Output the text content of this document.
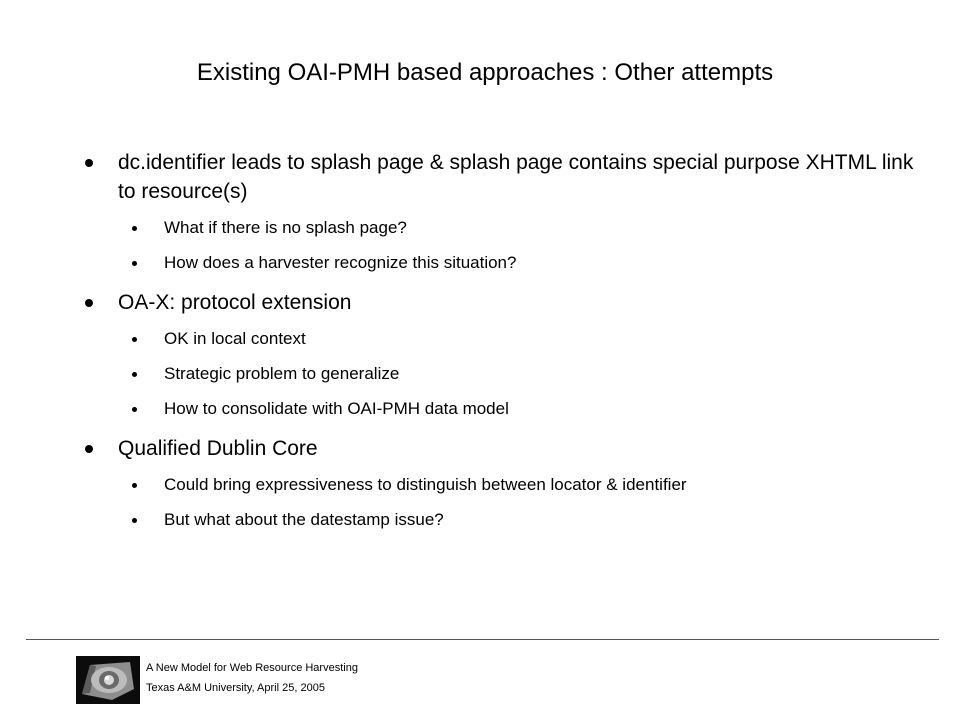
Existing OAI-PMH based approaches : Other attempts
dc.identifier leads to splash page & splash page contains special purpose XHTML link to resource(s)
What if there is no splash page?
How does a harvester recognize this situation?
OA-X: protocol extension
OK in local context
Strategic problem to generalize
How to consolidate with OAI-PMH data model
Qualified Dublin Core
Could bring expressiveness to distinguish between locator & identifier
But what about the datestamp issue?
A New Model for Web Resource Harvesting
Texas A&M University, April 25, 2005
